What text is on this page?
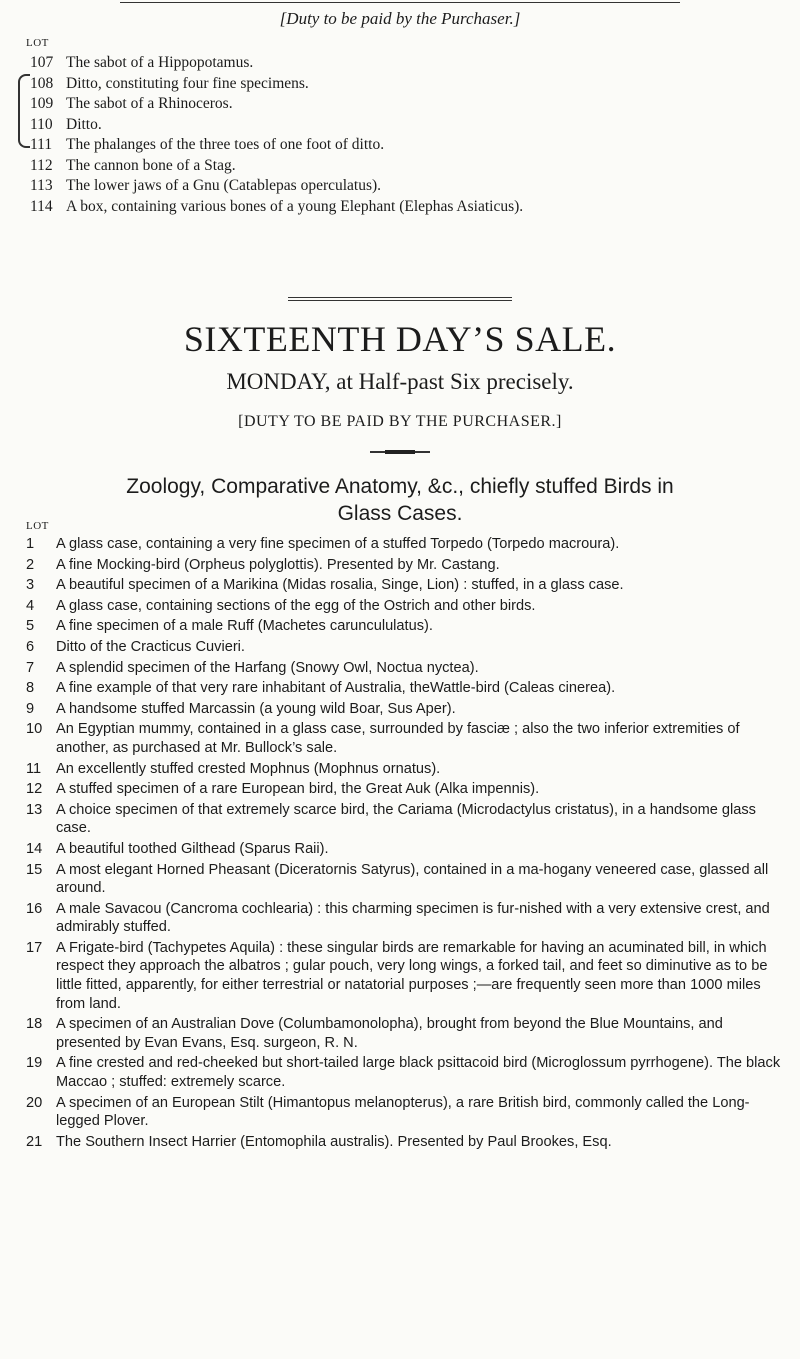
[Duty to be paid by the Purchaser.]
LOT
107 The sabot of a Hippopotamus.
108 Ditto, constituting four fine specimens.
109 The sabot of a Rhinoceros.
110 Ditto.
111 The phalanges of the three toes of one foot of ditto.
112 The cannon bone of a Stag.
113 The lower jaws of a Gnu (Catablepas operculatus).
114 A box, containing various bones of a young Elephant (Elephas Asiaticus).
SIXTEENTH DAY’S SALE.
MONDAY, at Half-past Six precisely.
[DUTY TO BE PAID BY THE PURCHASER.]
Zoology, Comparative Anatomy, &c., chiefly stuffed Birds in
Glass Cases.
LOT
1	A glass case, containing a very fine specimen of a stuffed Torpedo (Torpedo macroura).
2	A fine Mocking-bird (Orpheus polyglottis). Presented by Mr. Castang.
3	A beautiful specimen of a Marikina (Midas rosalia, Singe, Lion) : stuffed, in a glass case.
4	A glass case, containing sections of the egg of the Ostrich and other birds.
5	A fine specimen of a male Ruff (Machetes caruncululatus).
6	Ditto of the Cracticus Cuvieri.
7	A splendid specimen of the Harfang (Snowy Owl, Noctua nyctea).
8	A fine example of that very rare inhabitant of Australia, theWattle-bird (Caleas cinerea).
9	A handsome stuffed Marcassin (a young wild Boar, Sus Aper).
10 An Egyptian mummy, contained in a glass case, surrounded by fasciæ ; also the two inferior extremities of another, as purchased at Mr. Bullock’s sale.
11	An excellently stuffed crested Mophnus (Mophnus ornatus).
12 A stuffed specimen of a rare European bird, the Great Auk (Alka impennis).
13 A choice specimen of that extremely scarce bird, the Cariama (Microdactylus cristatus), in a handsome glass case.
14 A beautiful toothed Gilthead (Sparus Raii).
15 A most elegant Horned Pheasant (Diceratornis Satyrus), contained in a ma-hogany veneered case, glassed all around.
16 A male Savacou (Cancroma cochlearia) : this charming specimen is fur-nished with a very extensive crest, and admirably stuffed.
17 A Frigate-bird (Tachypetes Aquila) : these singular birds are remarkable for having an acuminated bill, in which respect they approach the albatros ; gular pouch, very long wings, a forked tail, and feet so diminutive as to be little fitted, apparently, for either terrestrial or natatorial purposes ;—are frequently seen more than 1000 miles from land.
18 A specimen of an Australian Dove (Columbamonolopha), brought from beyond the Blue Mountains, and presented by Evan Evans, Esq. surgeon, R. N.
19 A fine crested and red-cheeked but short-tailed large black psittacoid bird (Microglossum pyrrhogene). The black Maccao ; stuffed: extremely scarce.
20 A specimen of an European Stilt (Himantopus melanopterus), a rare British bird, commonly called the Long-legged Plover.
21 The Southern Insect Harrier (Entomophila australis). Presented by Paul Brookes, Esq.
